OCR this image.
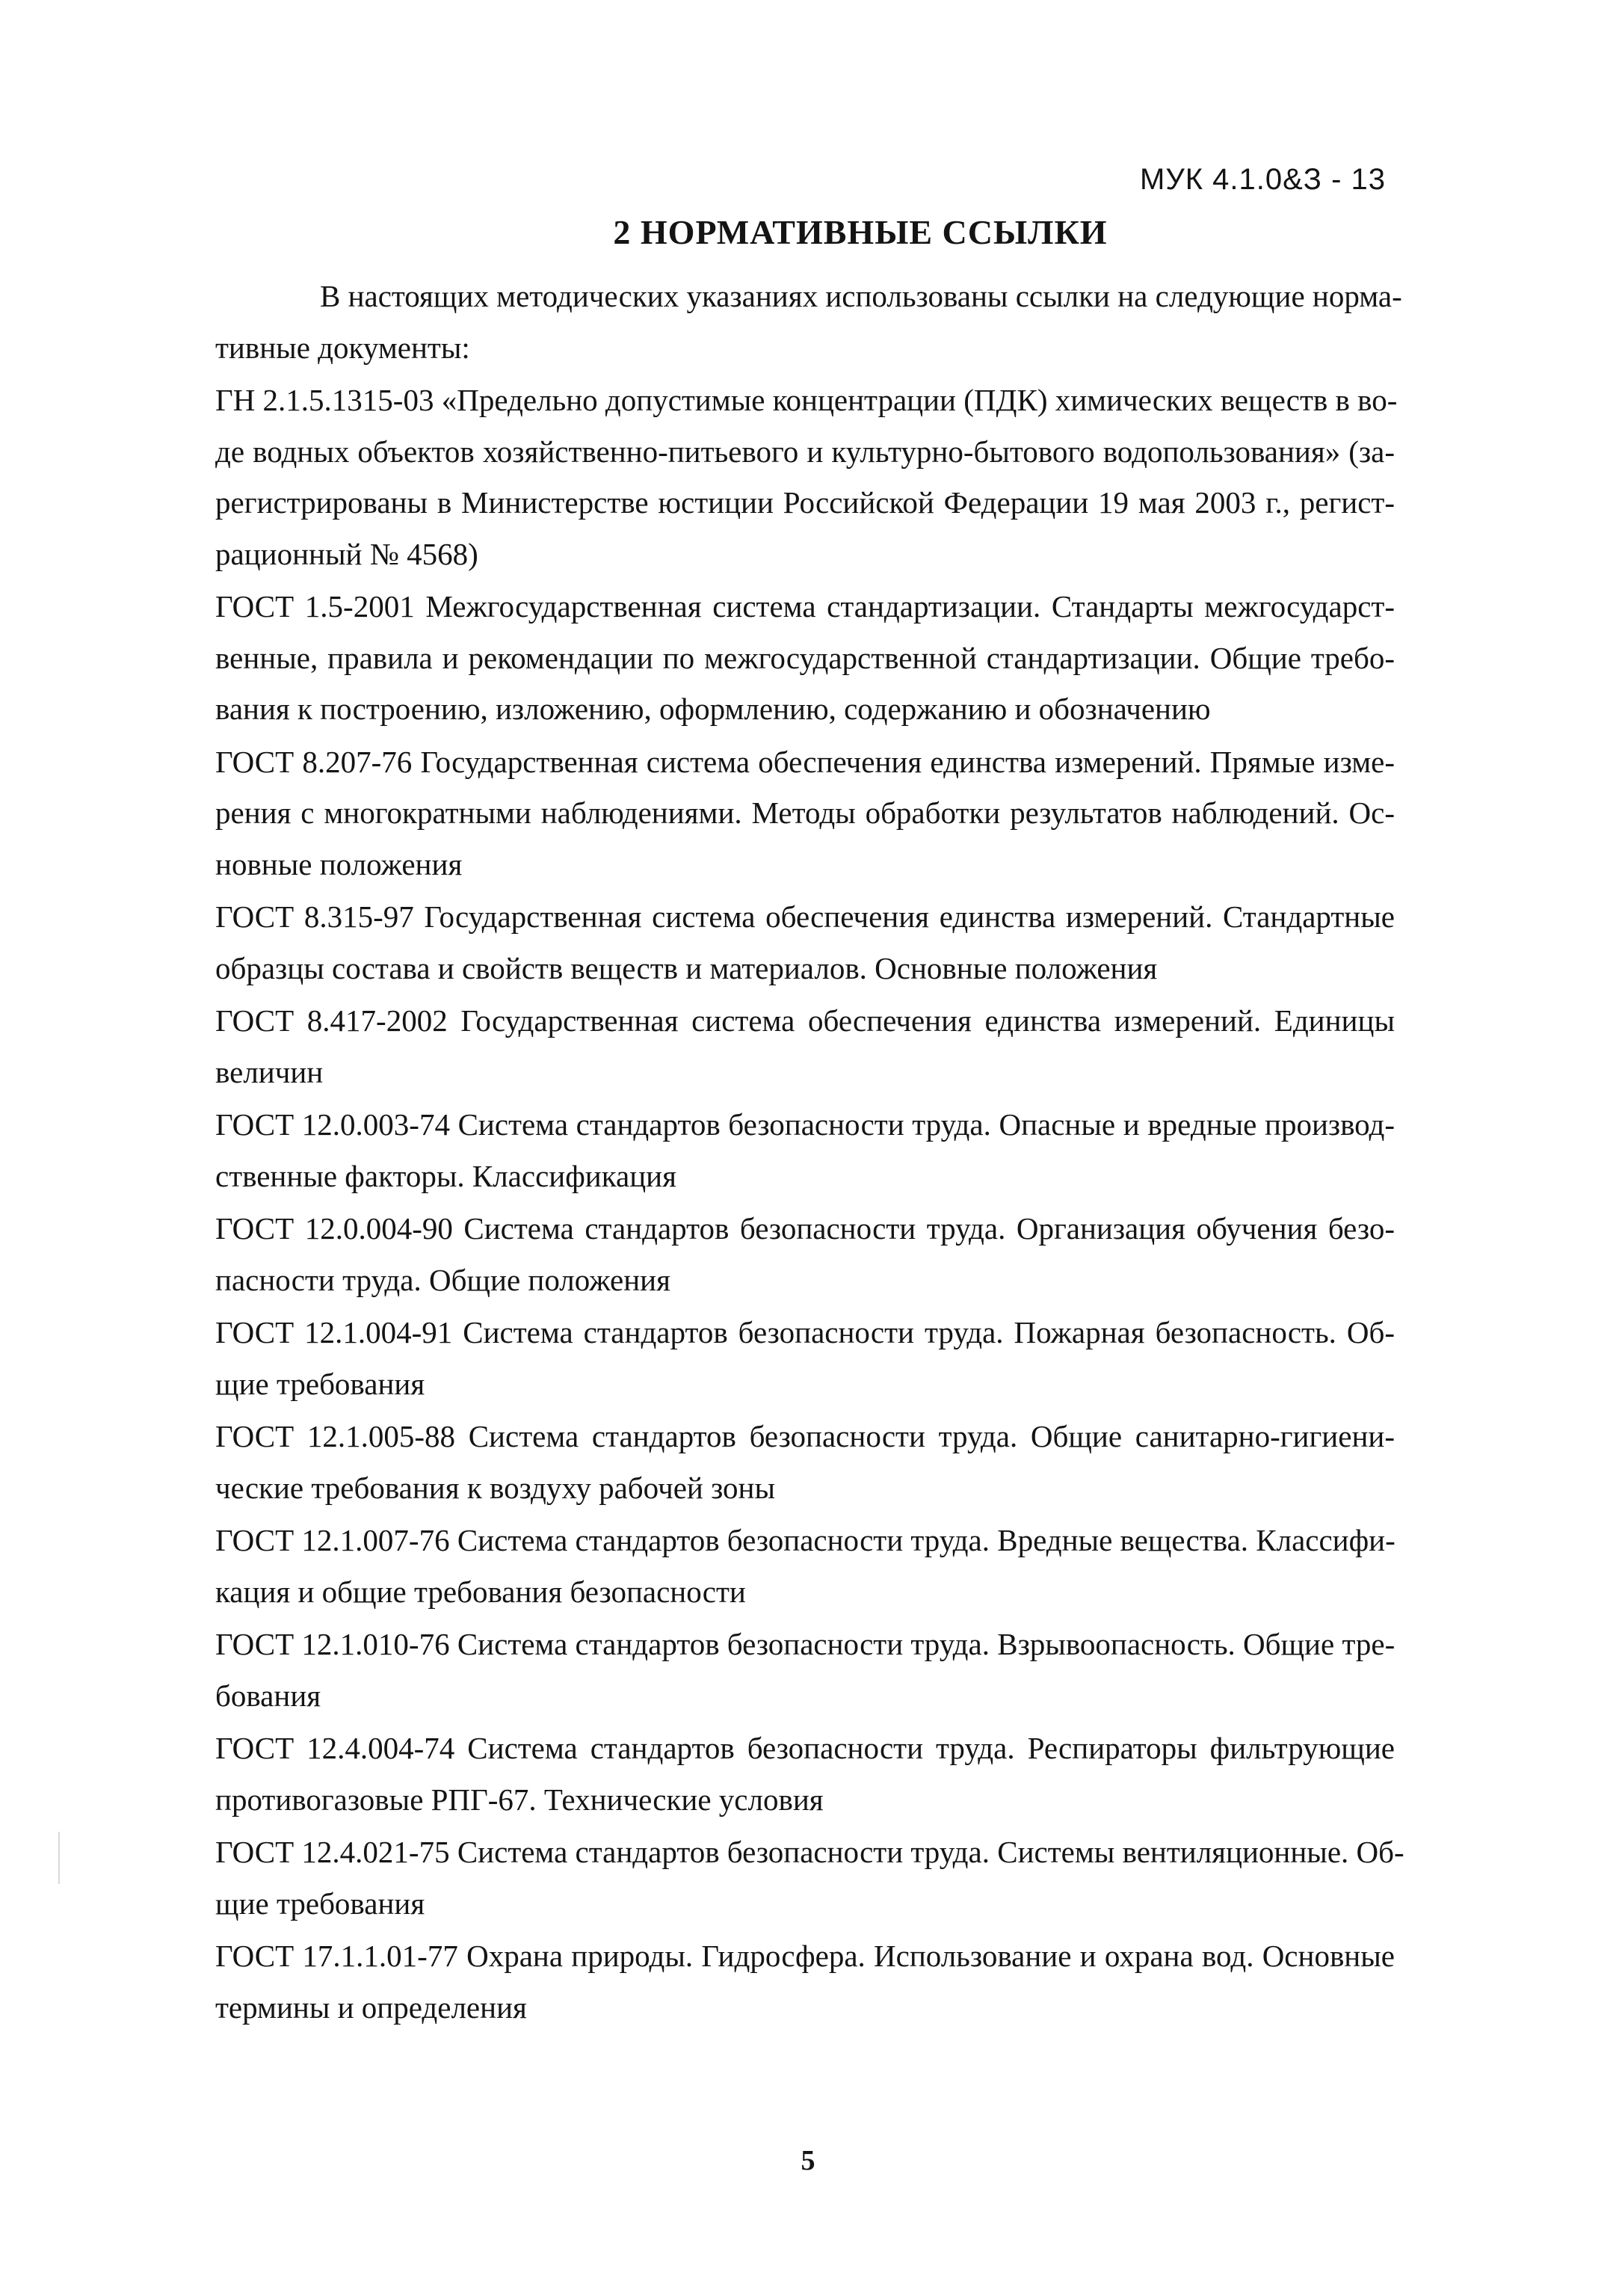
МУК 4.1.0&З - 13
2 НОРМАТИВНЫЕ ССЫЛКИ

В настоящих методических указаниях использованы ссылки на следующие норма-
тивные документы:

ГН 2.1.5.1315-03 «Предельно допустимые концентрации (ПДК) химических веществ в во-
де водных объектов хозяйственно-питьевого и культурно-бытового водопользования» (за-
регистрированы в Министерстве юстиции Российской Федерации 19 мая 2003 г., регист-
рационный № 4568)

ГОСТ 1.5-2001 Межгосударственная система стандартизации. Стандарты межгосударст-
венные, правила и рекомендации по межгосударственной стандартизации. Общие требо-
вания к построению, изложению, оформлению, содержанию и обозначению

ГОСТ 8.207-76 Государственная система обеспечения единства измерений. Прямые изме-
рения с многократными наблюдениями. Методы обработки результатов наблюдений. Ос-
новные положения

ГОСТ 8.315-97 Государственная система обеспечения единства измерений. Стандартные
образцы состава и свойств веществ и материалов. Основные положения

ГОСТ 8.417-2002 Государственная система обеспечения единства измерений. Единицы
величин

ГОСТ 12.0.003-74 Система стандартов безопасности труда. Опасные и вредные производ-
ственные факторы. Классификация

ГОСТ 12.0.004-90 Система стандартов безопасности труда. Организация обучения безо-
пасности труда. Общие положения

ГОСТ 12.1.004-91 Система стандартов безопасности труда. Пожарная безопасность. Об-
щие требования

ГОСТ 12.1.005-88 Система стандартов безопасности труда. Общие санитарно-гигиени-
ческие требования к воздуху рабочей зоны

ГОСТ 12.1.007-76 Система стандартов безопасности труда. Вредные вещества. Классифи-
кация и общие требования безопасности

ГОСТ 12.1.010-76 Система стандартов безопасности труда. Взрывоопасность. Общие тре-
бования

ГОСТ 12.4.004-74 Система стандартов безопасности труда. Респираторы фильтрующие
противогазовые РПГ-67. Технические условия

ГОСТ 12.4.021-75 Система стандартов безопасности труда. Системы вентиляционные. Об-
щие требования

ГОСТ 17.1.1.01-77 Охрана природы. Гидросфера. Использование и охрана вод. Основные
термины и определения

5
